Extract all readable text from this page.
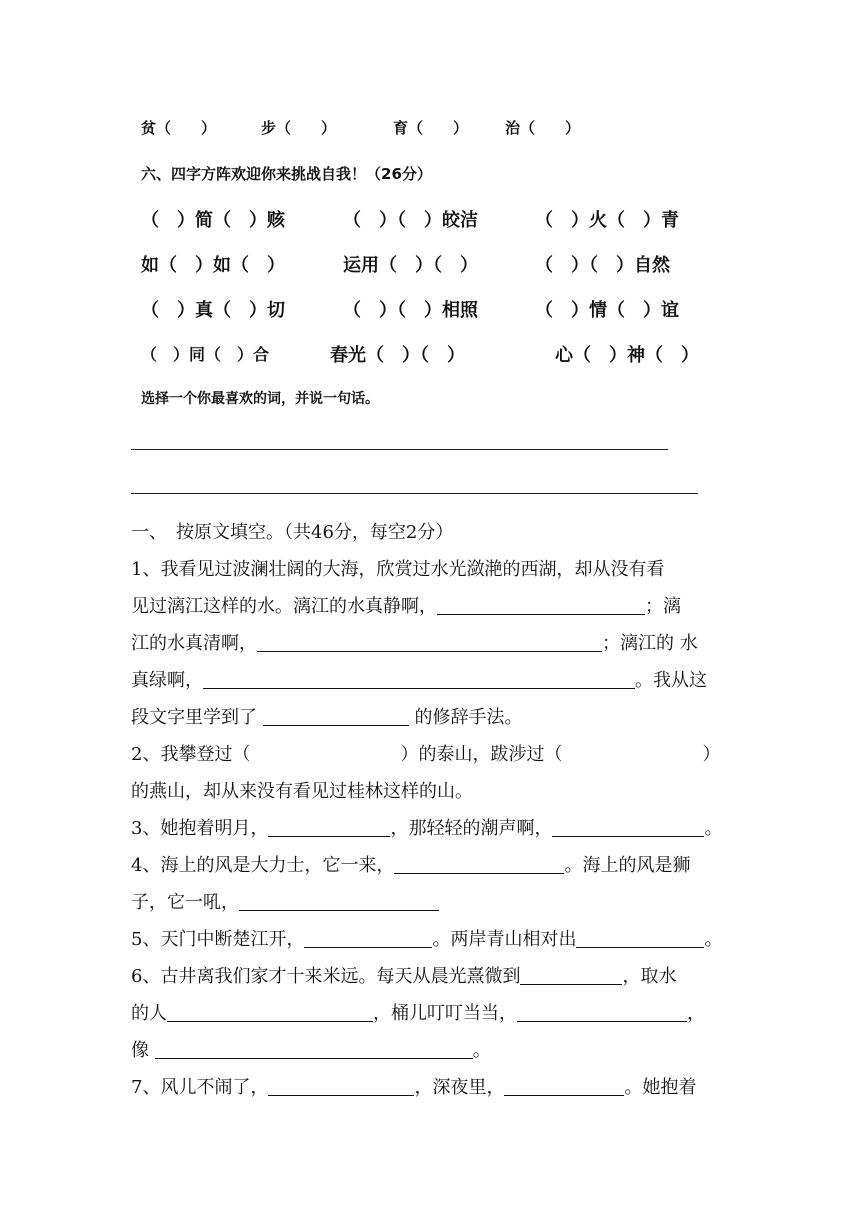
贫（　　）	步（　　）	育（　　） 治（　　）
六、四字方阵欢迎你来挑战自我！（26分）
（　）简（　）赅	（　）（　）皎洁	（　）火（　）青
如（　）如（　）	运用（　）（　）	（　）（　）自然
（　）真（　）切	（　）（　）相照	（　）情（　）谊
（　）同（　）合	春光（　）（　）	心（　）神（　）
选择一个你最喜欢的词，并说一句话。
一、　按原文填空。（共46分，每空2分）
1、我看见过波澜壮阔的大海，欣赏过水光潋滟的西湖，却从没有看
见过漓江这样的水。漓江的水真静啊，	；漓
江的水真清啊，	；漓江的 水
真绿啊，	。我从这
段文字里学到了	的修辞手法。
2、我攀登过（	）的泰山，跋涉过（	）
的燕山，却从来没有看见过桂林这样的山。
3、她抱着明月，	，那轻轻的潮声啊，	。
4、海上的风是大力士，它一来，	。海上的风是狮
子，它一吼，
5、天门中断楚江开，	。两岸青山相对出	。
6、古井离我们家才十来米远。每天从晨光熹微到	，取水
的人	，桶儿叮叮当当，	，
像	。
7、风儿不闹了，	，深夜里，	。她抱着
